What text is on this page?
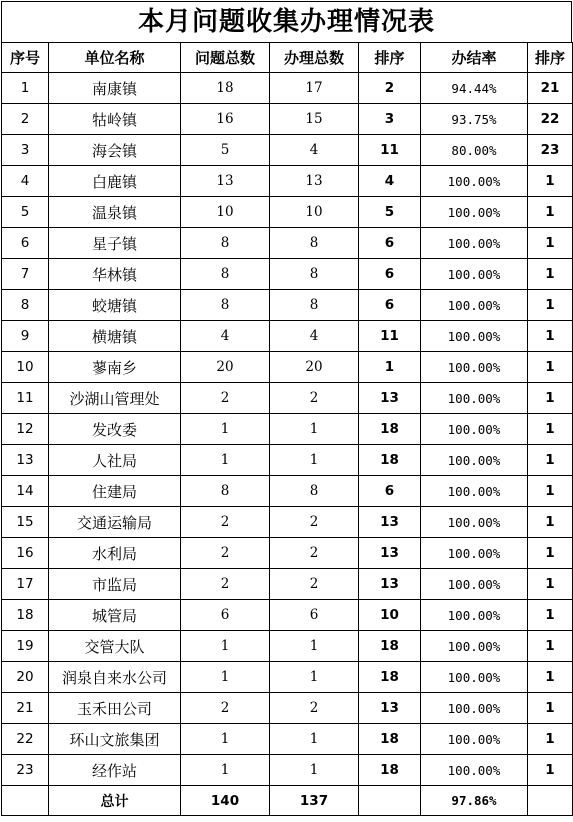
本月问题收集办理情况表
序号	单位名称	问题总数	办理总数	排序	办结率	排序
1	南康镇	18	17	2	94.44%	21
2	牯岭镇	16	15	3	93.75%	22
3	海会镇	5	4	11	80.00%	23
4	白鹿镇	13	13	4	100.00%	1
5	温泉镇	10	10	5	100.00%	1
6	星子镇	8	8	6	100.00%	1
7	华林镇	8	8	6	100.00%	1
8	蛟塘镇	8	8	6	100.00%	1
9	横塘镇	4	4	11	100.00%	1
10	蓼南乡	20	20	1	100.00%	1
11	沙湖山管理处	2	2	13	100.00%	1
12	发改委	1	1	18	100.00%	1
13	人社局	1	1	18	100.00%	1
14	住建局	8	8	6	100.00%	1
15	交通运输局	2	2	13	100.00%	1
16	水利局	2	2	13	100.00%	1
17	市监局	2	2	13	100.00%	1
18	城管局	6	6	10	100.00%	1
19	交管大队	1	1	18	100.00%	1
20	润泉自来水公司	1	1	18	100.00%	1
21	玉禾田公司	2	2	13	100.00%	1
22	环山文旅集团	1	1	18	100.00%	1
23	经作站	1	1	18	100.00%	1
	总计	140	137		97.86%	
